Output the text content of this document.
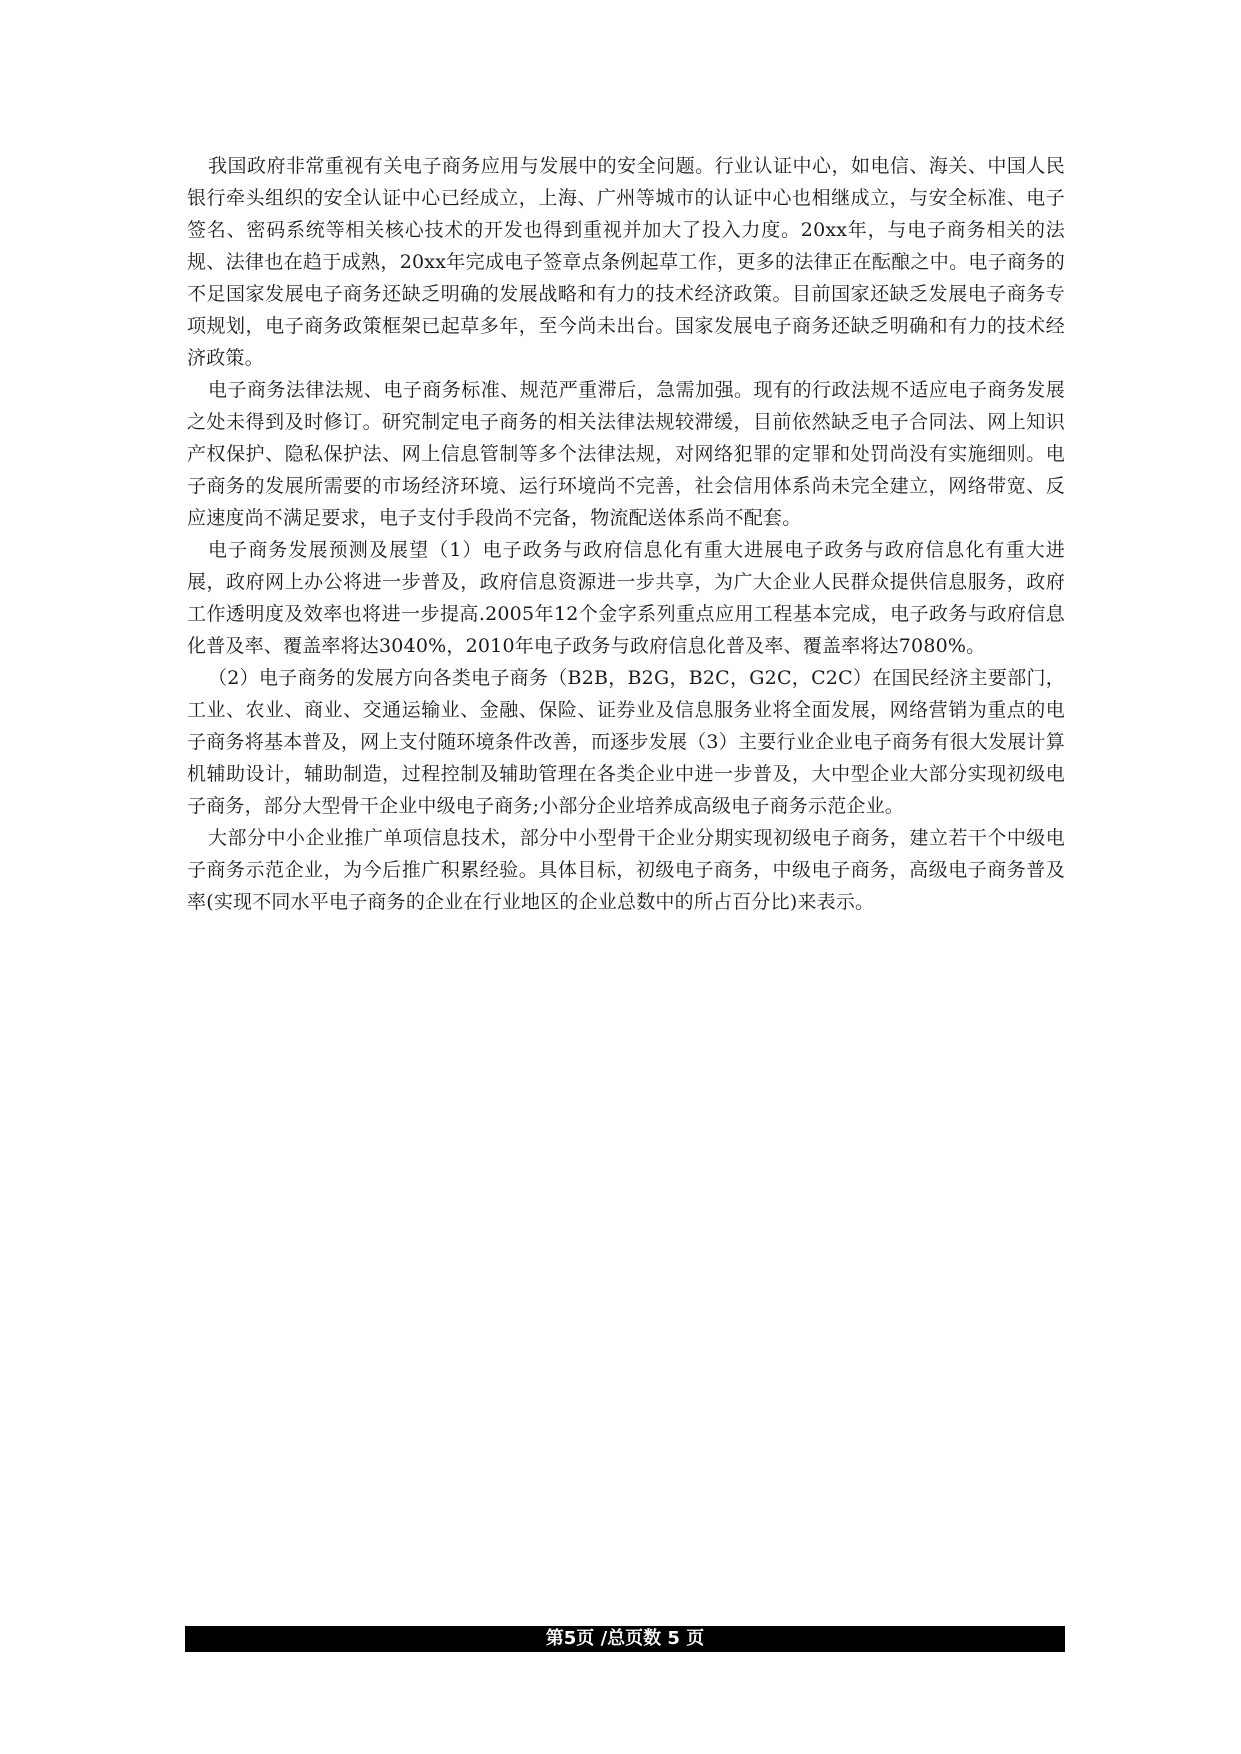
我国政府非常重视有关电子商务应用与发展中的安全问题。行业认证中心，如电信、海关、中国人民银行牵头组织的安全认证中心已经成立，上海、广州等城市的认证中心也相继成立，与安全标准、电子签名、密码系统等相关核心技术的开发也得到重视并加大了投入力度。20xx年，与电子商务相关的法规、法律也在趋于成熟，20xx年完成电子签章点条例起草工作，更多的法律正在酝酿之中。电子商务的不足国家发展电子商务还缺乏明确的发展战略和有力的技术经济政策。目前国家还缺乏发展电子商务专项规划，电子商务政策框架已起草多年，至今尚未出台。国家发展电子商务还缺乏明确和有力的技术经济政策。

电子商务法律法规、电子商务标准、规范严重滞后，急需加强。现有的行政法规不适应电子商务发展之处未得到及时修订。研究制定电子商务的相关法律法规较滞缓，目前依然缺乏电子合同法、网上知识产权保护、隐私保护法、网上信息管制等多个法律法规，对网络犯罪的定罪和处罚尚没有实施细则。电子商务的发展所需要的市场经济环境、运行环境尚不完善，社会信用体系尚未完全建立，网络带宽、反应速度尚不满足要求，电子支付手段尚不完备，物流配送体系尚不配套。

电子商务发展预测及展望（1）电子政务与政府信息化有重大进展电子政务与政府信息化有重大进展，政府网上办公将进一步普及，政府信息资源进一步共享，为广大企业人民群众提供信息服务，政府工作透明度及效率也将进一步提高.2005年12个金字系列重点应用工程基本完成，电子政务与政府信息化普及率、覆盖率将达3040%，2010年电子政务与政府信息化普及率、覆盖率将达7080%。

（2）电子商务的发展方向各类电子商务（B2B，B2G，B2C，G2C，C2C）在国民经济主要部门，工业、农业、商业、交通运输业、金融、保险、证券业及信息服务业将全面发展，网络营销为重点的电子商务将基本普及，网上支付随环境条件改善，而逐步发展（3）主要行业企业电子商务有很大发展计算机辅助设计，辅助制造，过程控制及辅助管理在各类企业中进一步普及，大中型企业大部分实现初级电子商务，部分大型骨干企业中级电子商务;小部分企业培养成高级电子商务示范企业。

大部分中小企业推广单项信息技术，部分中小型骨干企业分期实现初级电子商务，建立若干个中级电子商务示范企业，为今后推广积累经验。具体目标，初级电子商务，中级电子商务，高级电子商务普及率(实现不同水平电子商务的企业在行业地区的企业总数中的所占百分比)来表示。

第5页 /总页数 5 页
